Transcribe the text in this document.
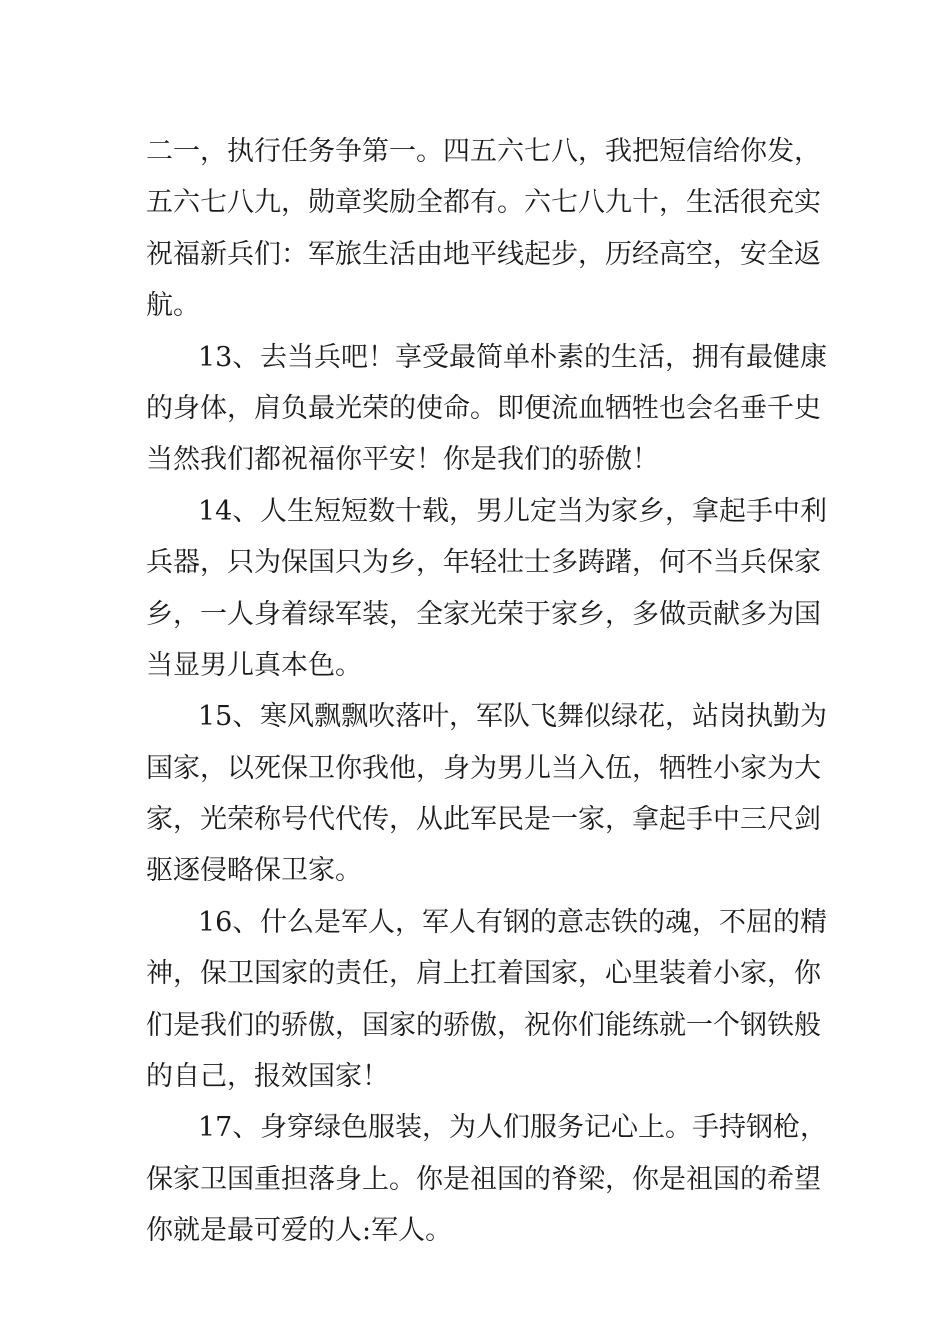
二一，执行任务争第一。四五六七八，我把短信给你发，
五六七八九，勋章奖励全都有。六七八九十，生活很充实
祝福新兵们：军旅生活由地平线起步，历经高空，安全返
航。
13、去当兵吧！享受最简单朴素的生活，拥有最健康
的身体，肩负最光荣的使命。即便流血牺牲也会名垂千史
当然我们都祝福你平安！你是我们的骄傲！
14、人生短短数十载，男儿定当为家乡，拿起手中利
兵器，只为保国只为乡，年轻壮士多踌躇，何不当兵保家
乡，一人身着绿军装，全家光荣于家乡，多做贡献多为国
当显男儿真本色。
15、寒风飘飘吹落叶，军队飞舞似绿花，站岗执勤为
国家，以死保卫你我他，身为男儿当入伍，牺牲小家为大
家，光荣称号代代传，从此军民是一家，拿起手中三尺剑
驱逐侵略保卫家。
16、什么是军人，军人有钢的意志铁的魂，不屈的精
神，保卫国家的责任，肩上扛着国家，心里装着小家，你
们是我们的骄傲，国家的骄傲，祝你们能练就一个钢铁般
的自己，报效国家！
17、身穿绿色服装，为人们服务记心上。手持钢枪，
保家卫国重担落身上。你是祖国的脊梁，你是祖国的希望
你就是最可爱的人:军人。
